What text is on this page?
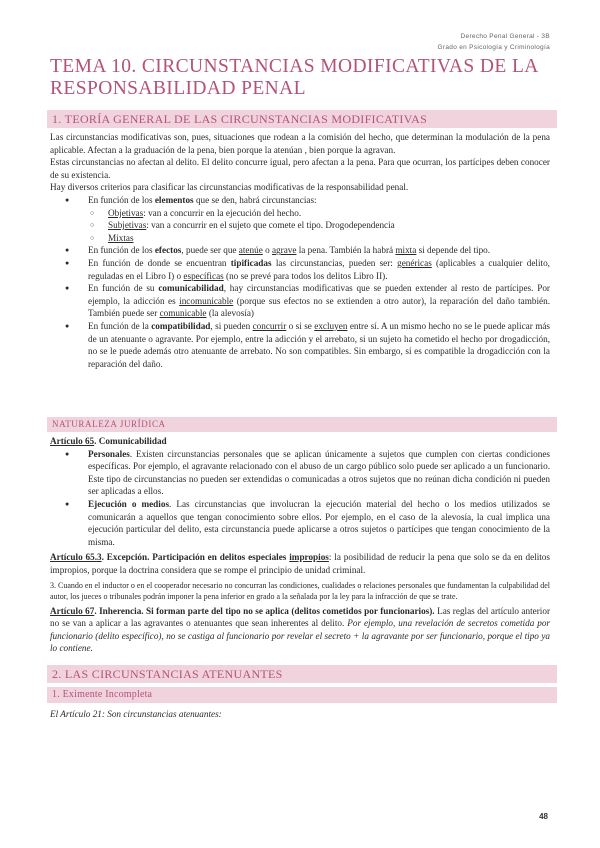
Derecho Penal General - 3B
Grado en Psicología y Criminología
TEMA 10. CIRCUNSTANCIAS MODIFICATIVAS DE LA RESPONSABILIDAD PENAL
1. TEORÍA GENERAL DE LAS CIRCUNSTANCIAS MODIFICATIVAS

Las circunstancias modificativas son, pues, situaciones que rodean a la comisión del hecho, que determinan la modulación de la pena aplicable. Afectan a la graduación de la pena, bien porque la atenúan , bien porque la agravan.

Estas circunstancias no afectan al delito. El delito concurre igual, pero afectan a la pena. Para que ocurran, los partícipes deben conocer de su existencia.

Hay diversos criterios para clasificar las circunstancias modificativas de la responsabilidad penal.

● En función de los elementos que se den, habrá circunstancias:
○ Objetivas: van a concurrir en la ejecución del hecho.
○ Subjetivas: van a concurrir en el sujeto que comete el tipo. Drogodependencia
○ Mixtas
● En función de los efectos, puede ser que atenúe o agrave la pena. También la habrá mixta si depende del tipo.
● En función de donde se encuentran tipificadas las circunstancias, pueden ser: genéricas (aplicables a cualquier delito, reguladas en el Libro I) o específicas (no se prevé para todos los delitos Libro II).
● En función de su comunicabilidad, hay circunstancias modificativas que se pueden extender al resto de partícipes. Por ejemplo, la adicción es incomunicable (porque sus efectos no se extienden a otro autor), la reparación del daño también. También puede ser comunicable (la alevosía)
● En función de la compatibilidad, si pueden concurrir o si se excluyen entre sí. A un mismo hecho no se le puede aplicar más de un atenuante o agravante. Por ejemplo, entre la adicción y el arrebato, si un sujeto ha cometido el hecho por drogadicción, no se le puede además otro atenuante de arrebato. No son compatibles. Sin embargo, sí es compatible la drogadicción con la reparación del daño.
NATURALEZA JURÍDICA

Artículo 65. Comunicabilidad

● Personales. Existen circunstancias personales que se aplican únicamente a sujetos que cumplen con ciertas condiciones específicas. Por ejemplo, el agravante relacionado con el abuso de un cargo público solo puede ser aplicado a un funcionario. Este tipo de circunstancias no pueden ser extendidas o comunicadas a otros sujetos que no reúnan dicha condición ni pueden ser aplicadas a ellos.
● Ejecución o medios. Las circunstancias que involucran la ejecución material del hecho o los medios utilizados se comunicarán a aquellos que tengan conocimiento sobre ellos. Por ejemplo, en el caso de la alevosía, la cual implica una ejecución particular del delito, esta circunstancia puede aplicarse a otros sujetos o partícipes que tengan conocimiento de la misma.

Artículo 65.3. Excepción. Participación en delitos especiales impropios: la posibilidad de reducir la pena que solo se da en delitos impropios, porque la doctrina considera que se rompe el principio de unidad criminal.

3. Cuando en el inductor o en el cooperador necesario no concurran las condiciones, cualidades o relaciones personales que fundamentan la culpabilidad del autor, los jueces o tribunales podrán imponer la pena inferior en grado a la señalada por la ley para la infracción de que se trate.

Artículo 67. Inherencia. Si forman parte del tipo no se aplica (delitos cometidos por funcionarios). Las reglas del artículo anterior no se van a aplicar a las agravantes o atenuantes que sean inherentes al delito. Por ejemplo, una revelación de secretos cometida por funcionario (delito específico), no se castiga al funcionario por revelar el secreto + la agravante por ser funcionario, porque el tipo ya lo contiene.

2. LAS CIRCUNSTANCIAS ATENUANTES
1. Eximente Incompleta
El Artículo 21: Son circunstancias atenuantes:
48
